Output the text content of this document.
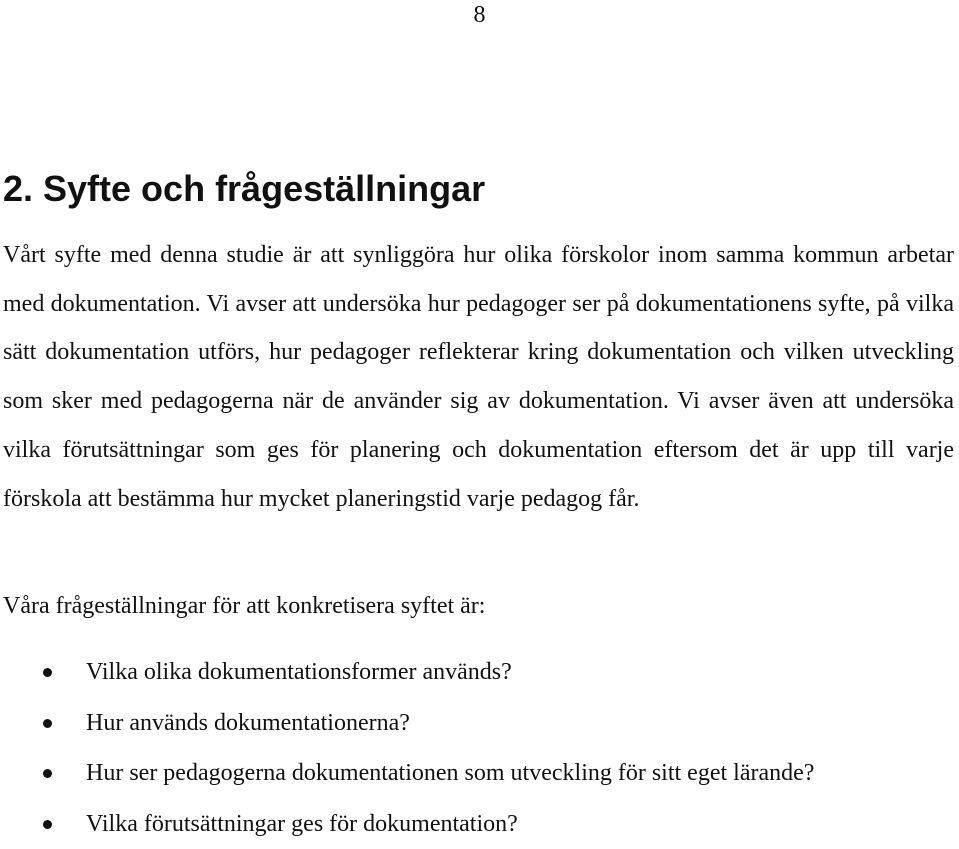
8
2. Syfte och frågeställningar

Vårt syfte med denna studie är att synliggöra hur olika förskolor inom samma kommun arbetar med dokumentation. Vi avser att undersöka hur pedagoger ser på dokumentationens syfte, på vilka sätt dokumentation utförs, hur pedagoger reflekterar kring dokumentation och vilken utveckling som sker med pedagogerna när de använder sig av dokumentation. Vi avser även att undersöka vilka förutsättningar som ges för planering och dokumentation eftersom det är upp till varje förskola att bestämma hur mycket planeringstid varje pedagog får.

Våra frågeställningar för att konkretisera syftet är:

Vilka olika dokumentationsformer används?
Hur används dokumentationerna?
Hur ser pedagogerna dokumentationen som utveckling för sitt eget lärande?
Vilka förutsättningar ges för dokumentation?
